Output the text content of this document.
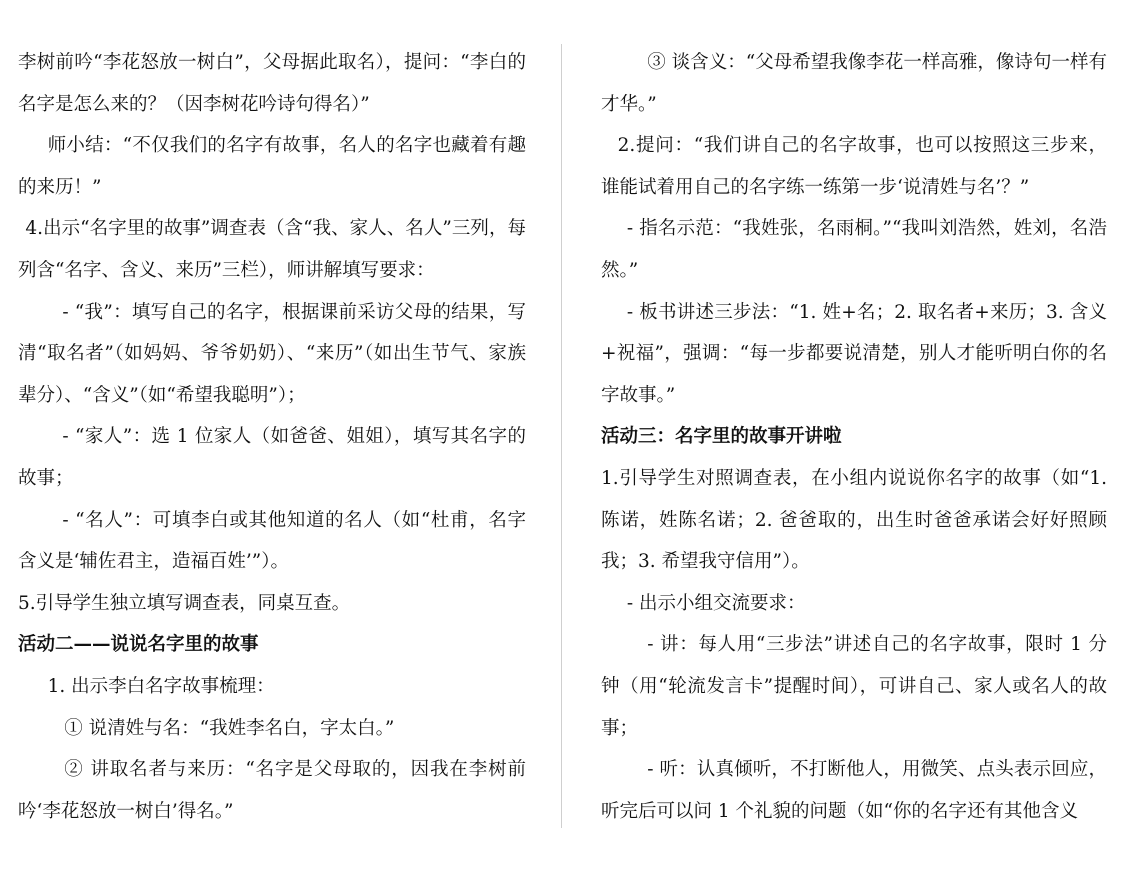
李树前吟“李花怒放一树白”，父母据此取名），提问：“李白的名字是怎么来的？（因李树花吟诗句得名）”

师小结：“不仅我们的名字有故事，名人的名字也藏着有趣的来历！”

4.出示“名字里的故事”调查表（含“我、家人、名人”三列，每列含“名字、含义、来历”三栏），师讲解填写要求：

- “我”：填写自己的名字，根据课前采访父母的结果，写清“取名者”（如妈妈、爷爷奶奶）、“来历”（如出生节气、家族辈分）、“含义”（如“希望我聪明”）；

- “家人”：选 1 位家人（如爸爸、姐姐），填写其名字的故事；

- “名人”：可填李白或其他知道的名人（如“杜甫，名字含义是‘辅佐君主，造福百姓’”）。

5.引导学生独立填写调查表，同桌互查。

活动二——说说名字里的故事

1. 出示李白名字故事梳理：

① 说清姓与名：“我姓李名白，字太白。”

② 讲取名者与来历：“名字是父母取的，因我在李树前吟‘李花怒放一树白’得名。”

③ 谈含义：“父母希望我像李花一样高雅，像诗句一样有才华。”

2.提问：“我们讲自己的名字故事，也可以按照这三步来，谁能试着用自己的名字练一练第一步‘说清姓与名’？”

- 指名示范：“我姓张，名雨桐。”“我叫刘浩然，姓刘，名浩然。”

- 板书讲述三步法：“1. 姓+名；2. 取名者+来历；3. 含义+祝福”，强调：“每一步都要说清楚，别人才能听明白你的名字故事。”

活动三：名字里的故事开讲啦

1.引导学生对照调查表，在小组内说说你名字的故事（如“1. 陈诺，姓陈名诺；2. 爸爸取的，出生时爸爸承诺会好好照顾我；3. 希望我守信用”）。

- 出示小组交流要求：

- 讲：每人用“三步法”讲述自己的名字故事，限时 1 分钟（用“轮流发言卡”提醒时间），可讲自己、家人或名人的故事；

- 听：认真倾听，不打断他人，用微笑、点头表示回应，听完后可以问 1 个礼貌的问题（如“你的名字还有其他含义
